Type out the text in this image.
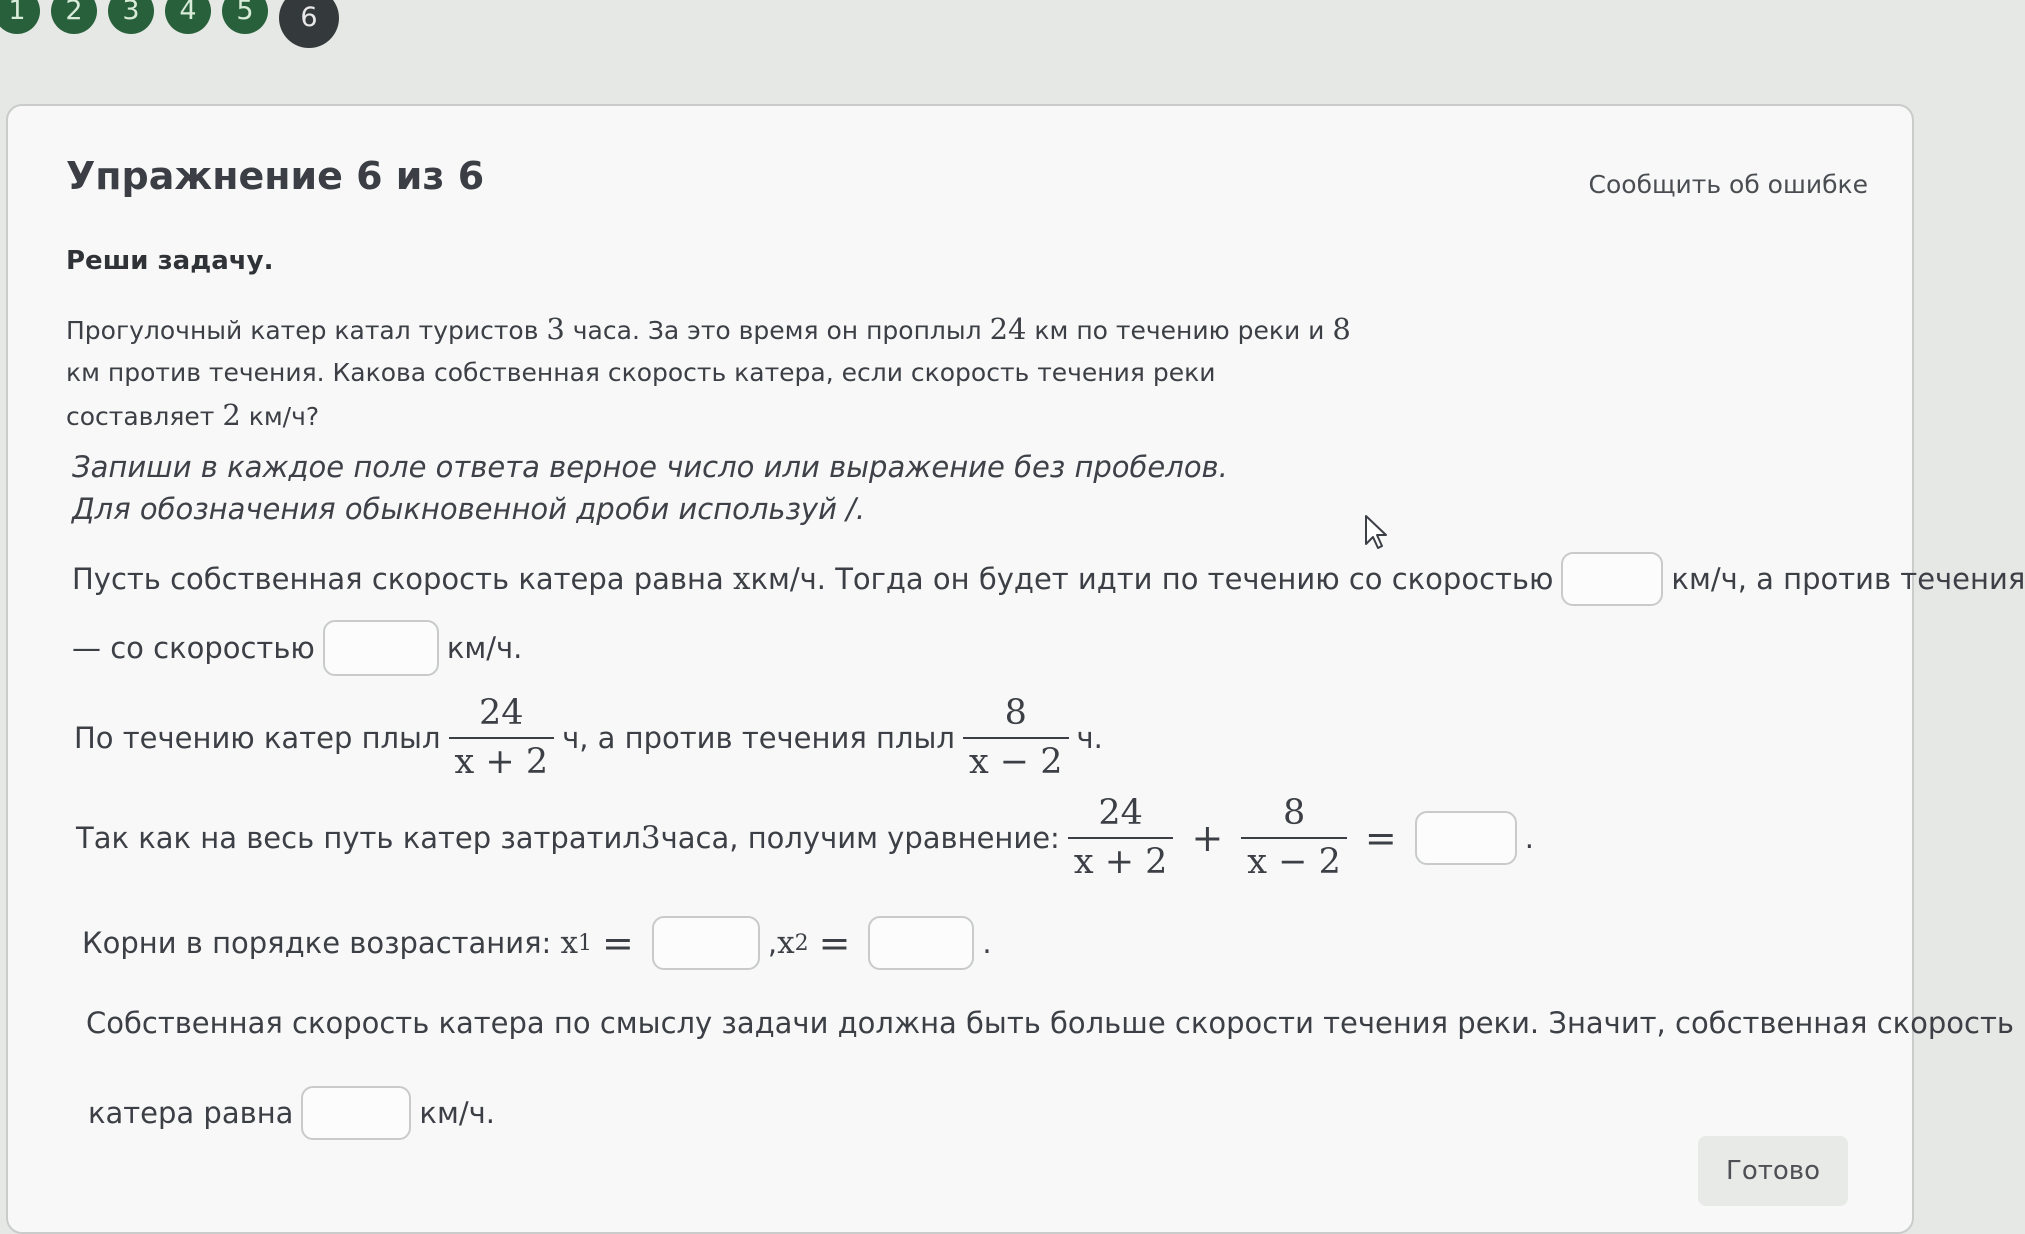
1	2	3	4	5	6
Упражнение 6 из 6	Сообщить об ошибке
Реши задачу.
Прогулочный катер катал туристов 3 часа. За это время он проплыл 24 км по течению реки и 8 км против течения. Какова собственная скорость катера, если скорость течения реки составляет 2 км/ч?
Запиши в каждое поле ответа верное число или выражение без пробелов. Для обозначения обыкновенной дроби используй /.
Пусть собственная скорость катера равна
x км/ч. Тогда он будет идти по течению со скоростью	км/ч, а против течения
— со скоростью	км/ч.
По течению катер плыл $\frac{24}{x + 2} ч$, а против течения плыл $\frac{8}{x - 2} ч$.
Так как на весь путь катер затратил 3 часа, получим уравнение: $\frac{24}{x + 2} + \frac{8}{x - 2}$ =	.
Корни в порядке возрастания:
x 1 =	, x 2 =	.
Собственная скорость катера по смыслу задачи должна быть больше скорости течения реки. Значит, собственная скорость
катера равна	км/ч.
Готово
